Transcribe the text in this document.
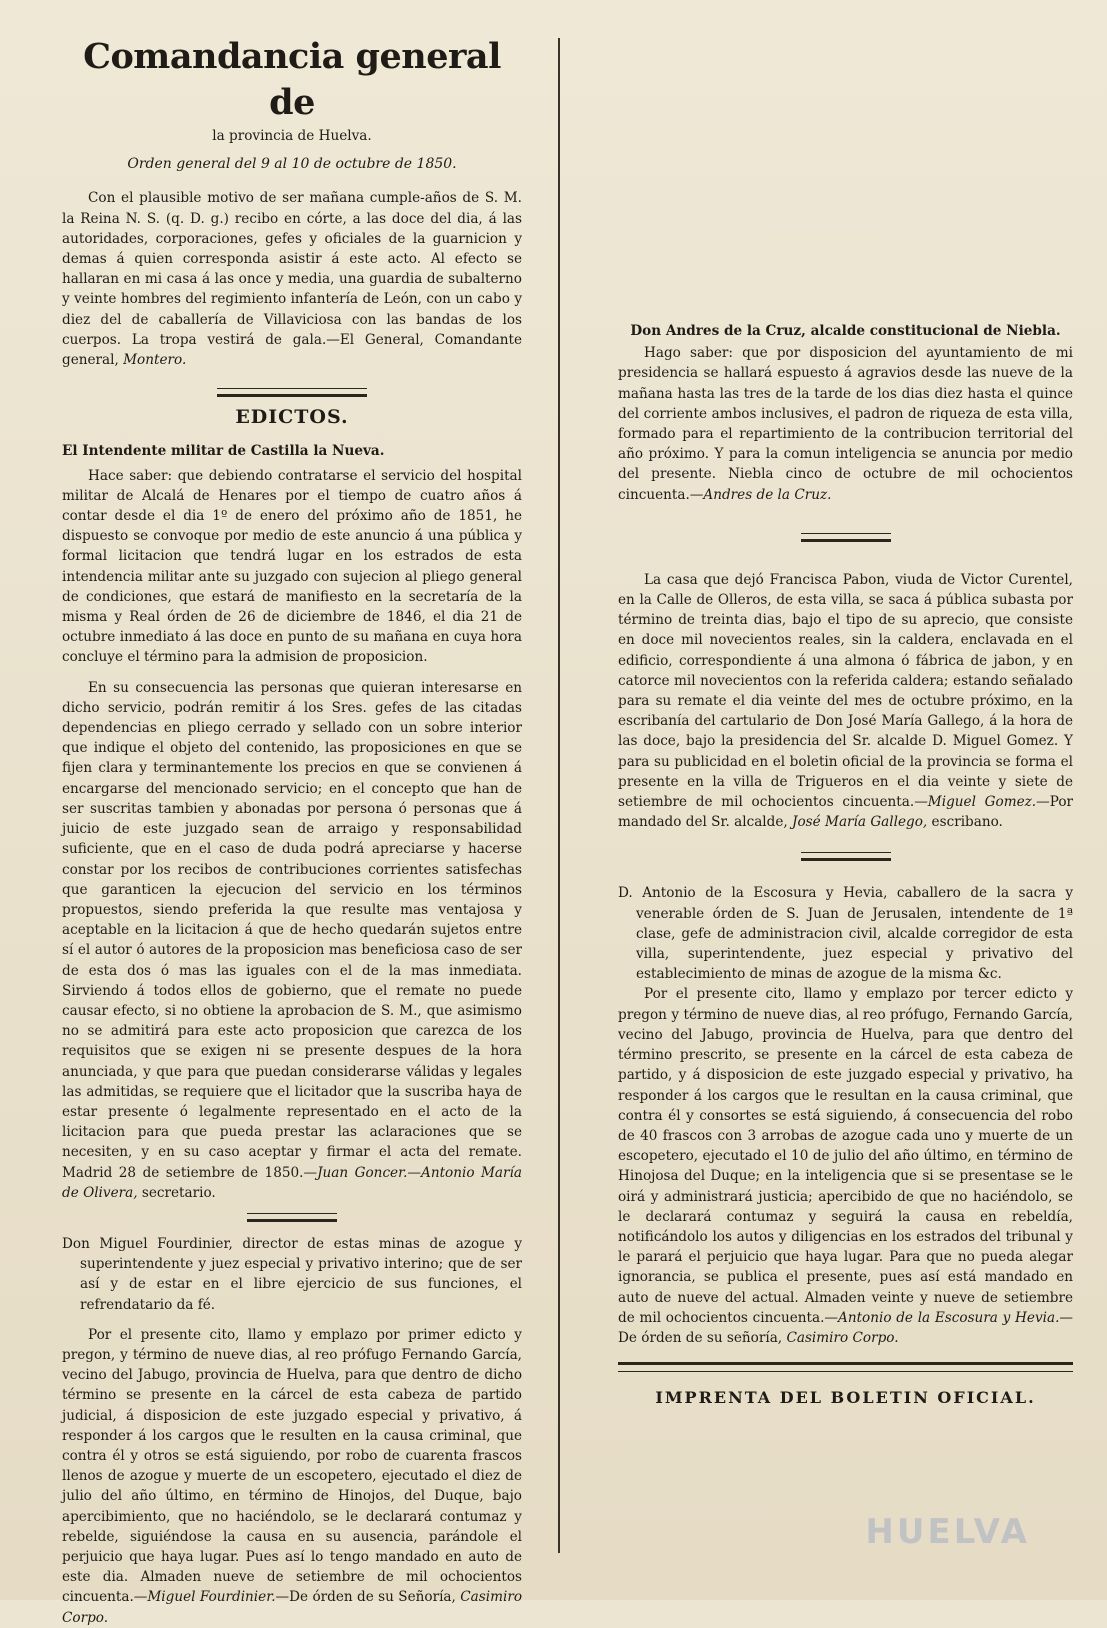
Comandancia general de
la provincia de Huelva.
Orden general del 9 al 10 de octubre de 1850.

Con el plausible motivo de ser mañana cumple-años de S. M. la Reina N. S. (q. D. g.) recibo en córte, a las doce del dia, á las autoridades, corporaciones, gefes y oficiales de la guarnicion y demas á quien corresponda asistir á este acto. Al efecto se hallaran en mi casa á las once y media, una guardia de subalterno y veinte hombres del regimiento infantería de León, con un cabo y diez del de caballería de Villaviciosa con las bandas de los cuerpos. La tropa vestirá de gala.—El General, Comandante general, Montero.

EDICTOS.
El Intendente militar de Castilla la Nueva.

Hace saber: que debiendo contratarse el servicio del hospital militar de Alcalá de Henares por el tiempo de cuatro años á contar desde el dia 1º de enero del próximo año de 1851, he dispuesto se convoque por medio de este anuncio á una pública y formal licitacion que tendrá lugar en los estrados de esta intendencia militar ante su juzgado con sujecion al pliego general de condiciones, que estará de manifiesto en la secretaría de la misma y Real órden de 26 de diciembre de 1846, el dia 21 de octubre inmediato á las doce en punto de su mañana en cuya hora concluye el término para la admision de proposicion.

En su consecuencia las personas que quieran interesarse en dicho servicio, podrán remitir á los Sres. gefes de las citadas dependencias en pliego cerrado y sellado con un sobre interior que indique el objeto del contenido, las proposiciones en que se fijen clara y terminantemente los precios en que se convienen á encargarse del mencionado servicio; en el concepto que han de ser suscritas tambien y abonadas por persona ó personas que á juicio de este juzgado sean de arraigo y responsabilidad suficiente, que en el caso de duda podrá apreciarse y hacerse constar por los recibos de contribuciones corrientes satisfechas que garanticen la ejecucion del servicio en los términos propuestos, siendo preferida la que resulte mas ventajosa y aceptable en la licitacion á que de hecho quedarán sujetos entre sí el autor ó autores de la proposicion mas beneficiosa caso de ser de esta dos ó mas las iguales con el de la mas inmediata. Sirviendo á todos ellos de gobierno, que el remate no puede causar efecto, si no obtiene la aprobacion de S. M., que asimismo no se admitirá para este acto proposicion que carezca de los requisitos que se exigen ni se presente despues de la hora anunciada, y que para que puedan considerarse válidas y legales las admitidas, se requiere que el licitador que la suscriba haya de estar presente ó legalmente representado en el acto de la licitacion para que pueda prestar las aclaraciones que se necesiten, y en su caso aceptar y firmar el acta del remate. Madrid 28 de setiembre de 1850.—Juan Goncer.—Antonio María de Olivera, secretario.

Don Miguel Fourdinier, director de estas minas de azogue y superintendente y juez especial y privativo interino; que de ser así y de estar en el libre ejercicio de sus funciones, el refrendatario da fé.

Por el presente cito, llamo y emplazo por primer edicto y pregon, y término de nueve dias, al reo prófugo Fernando García, vecino del Jabugo, provincia de Huelva, para que dentro de dicho término se presente en la cárcel de esta cabeza de partido judicial, á disposicion de este juzgado especial y privativo, á responder á los cargos que le resulten en la causa criminal, que contra él y otros se está siguiendo, por robo de cuarenta frascos llenos de azogue y muerte de un escopetero, ejecutado el diez de julio del año último, en término de Hinojos, del Duque, bajo apercibimiento, que no haciéndolo, se le declarará contumaz y rebelde, siguiéndose la causa en su ausencia, parándole el perjuicio que haya lugar. Pues así lo tengo mandado en auto de este dia. Almaden nueve de setiembre de mil ochocientos cincuenta.—Miguel Fourdinier.—De órden de su Señoría, Casimiro Corpo.

Don Andres de la Cruz, alcalde constitucional de Niebla.

Hago saber: que por disposicion del ayuntamiento de mi presidencia se hallará espuesto á agravios desde las nueve de la mañana hasta las tres de la tarde de los dias diez hasta el quince del corriente ambos inclusives, el padron de riqueza de esta villa, formado para el repartimiento de la contribucion territorial del año próximo. Y para la comun inteligencia se anuncia por medio del presente. Niebla cinco de octubre de mil ochocientos cincuenta.—Andres de la Cruz.

La casa que dejó Francisca Pabon, viuda de Victor Curentel, en la Calle de Olleros, de esta villa, se saca á pública subasta por término de treinta dias, bajo el tipo de su aprecio, que consiste en doce mil novecientos reales, sin la caldera, enclavada en el edificio, correspondiente á una almona ó fábrica de jabon, y en catorce mil novecientos con la referida caldera; estando señalado para su remate el dia veinte del mes de octubre próximo, en la escribanía del cartulario de Don José María Gallego, á la hora de las doce, bajo la presidencia del Sr. alcalde D. Miguel Gomez. Y para su publicidad en el boletin oficial de la provincia se forma el presente en la villa de Trigueros en el dia veinte y siete de setiembre de mil ochocientos cincuenta.—Miguel Gomez.—Por mandado del Sr. alcalde, José María Gallego, escribano.

D. Antonio de la Escosura y Hevia, caballero de la sacra y venerable órden de S. Juan de Jerusalen, intendente de 1ª clase, gefe de administracion civil, alcalde corregidor de esta villa, superintendente, juez especial y privativo del establecimiento de minas de azogue de la misma &c.

Por el presente cito, llamo y emplazo por tercer edicto y pregon y término de nueve dias, al reo prófugo, Fernando García, vecino del Jabugo, provincia de Huelva, para que dentro del término prescrito, se presente en la cárcel de esta cabeza de partido, y á disposicion de este juzgado especial y privativo, ha responder á los cargos que le resultan en la causa criminal, que contra él y consortes se está siguiendo, á consecuencia del robo de 40 frascos con 3 arrobas de azogue cada uno y muerte de un escopetero, ejecutado el 10 de julio del año último, en término de Hinojosa del Duque; en la inteligencia que si se presentase se le oirá y administrará justicia; apercibido de que no haciéndolo, se le declarará contumaz y seguirá la causa en rebeldía, notificándolo los autos y diligencias en los estrados del tribunal y le parará el perjuicio que haya lugar. Para que no pueda alegar ignorancia, se publica el presente, pues así está mandado en auto de nueve del actual. Almaden veinte y nueve de setiembre de mil ochocientos cincuenta.—Antonio de la Escosura y Hevia.—De órden de su señoría, Casimiro Corpo.

IMPRENTA DEL BOLETIN OFICIAL.
HUELVA
